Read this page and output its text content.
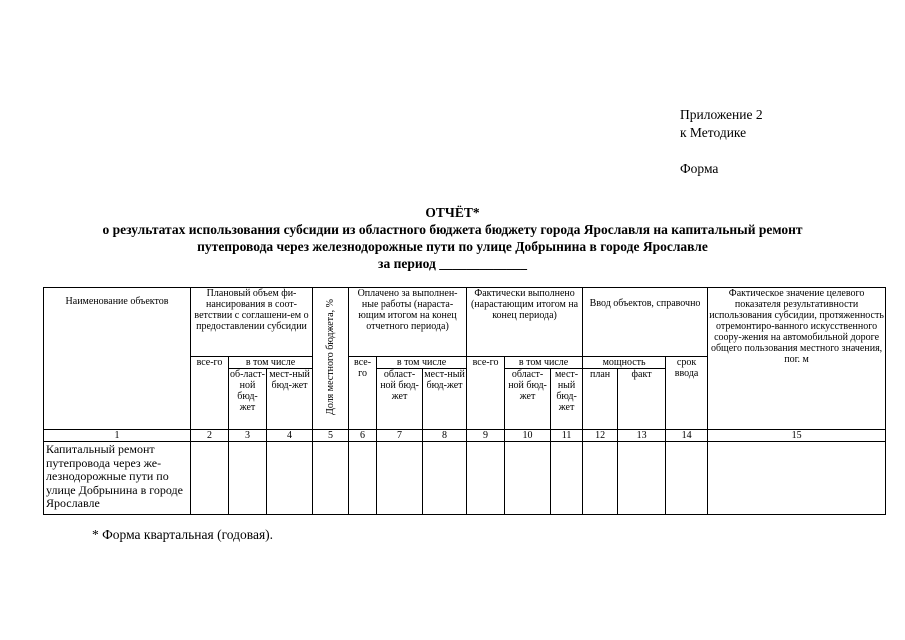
Приложение 2
к Методике
Форма
ОТЧЁТ*
о результатах использования субсидии из областного бюджета бюджету города Ярославля на капитальный ремонт
путепровода через железнодорожные пути по улице Добрынина в городе Ярославле
за период _____________
Наименование объектов	Плановый объем фи-нансирования в соот-ветствии с соглашени-ем о предоставлении субсидии			Доля местного бюджета, %	Оплачено за выполнен-ные работы (нараста-ющим итогом на конец отчетного периода)			Фактически выполнено (нарастающим итогом на конец периода)			Ввод объектов, справочно			Фактическое значение целевого показателя результативности использования субсидии, протяженность отремонтиро-ванного искусственного соору-жения на автомобильной дороге общего пользования местного значения, пог. м
	все-го	в том числе			все-го	в том числе		все-го	в том числе		мощность		срок ввода	
		об-ласт-ной бюд-жет	мест-ный бюд-жет			област-ной бюд-жет	мест-ный бюд-жет		област-ной бюд-жет	мест-ный бюд-жет	план	факт		
1	2	3	4	5	6	7	8	9	10	11	12	13	14	15
Капитальный ремонт путепровода через же-лезнодорожные пути по улице Добрынина в городе Ярославле														
* Форма квартальная (годовая).
